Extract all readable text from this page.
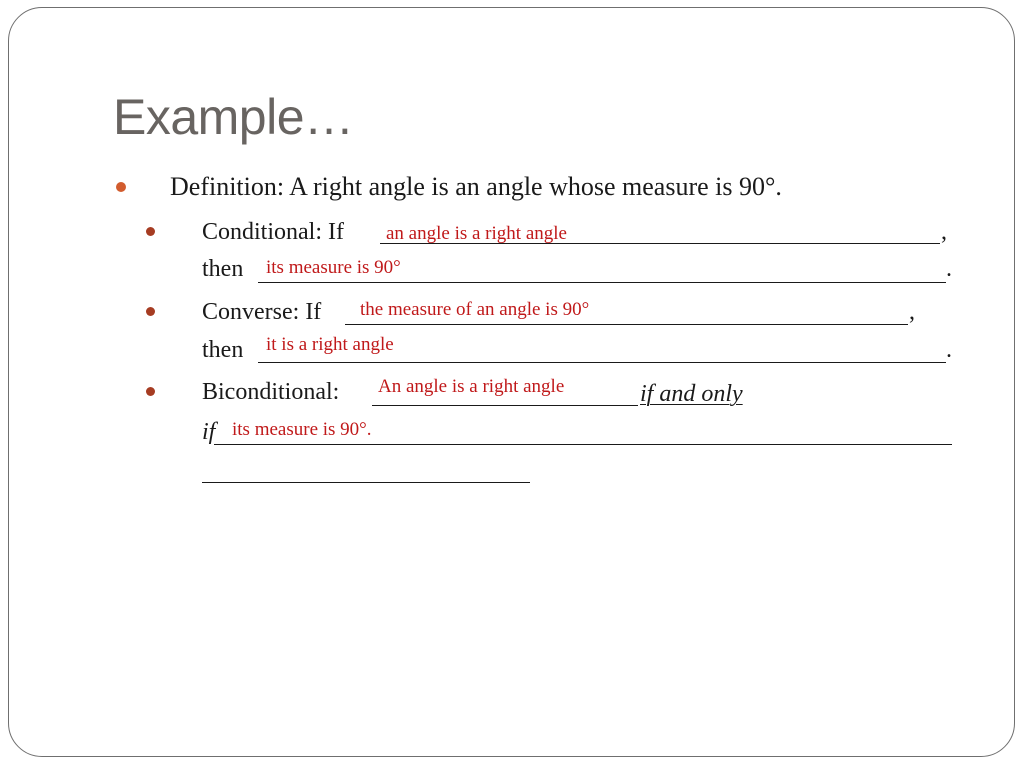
Example…
Definition: A right angle is an angle whose measure is 90°.
Conditional: If	,
an angle is a right angle
then	.
its measure is 90°
Converse: If	,
the measure of an angle is 90°
then	.
it is a right angle
Biconditional: An angle is a right angle	if and only
if its measure is 90°.
